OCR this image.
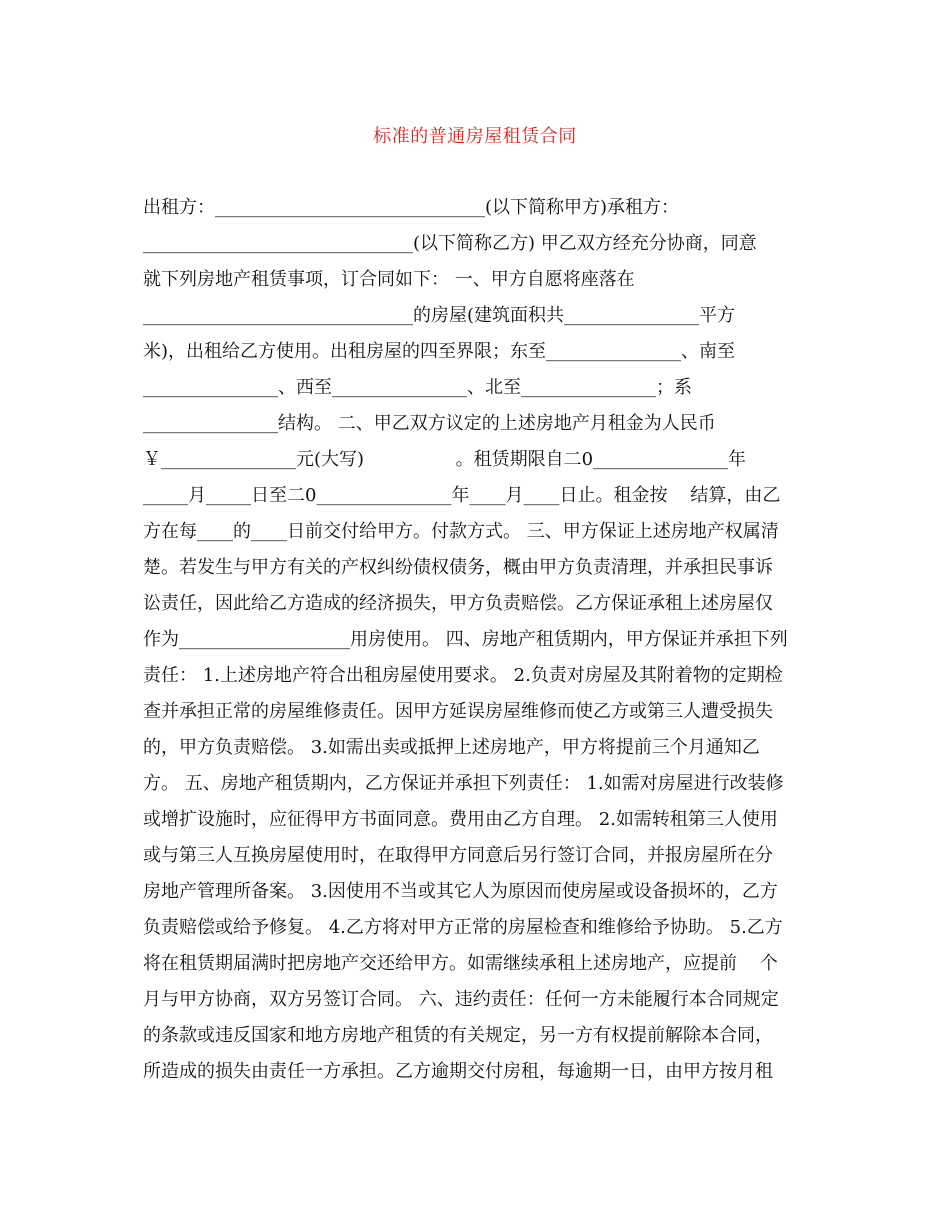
标准的普通房屋租赁合同
出租方：______________________________(以下简称甲方)承租方：
______________________________(以下简称乙方) 甲乙双方经充分协商，同意
就下列房地产租赁事项，订合同如下： 一、甲方自愿将座落在
______________________________的房屋(建筑面积共_______________平方
米)，出租给乙方使用。出租房屋的四至界限；东至_______________、南至
_______________、西至_______________、北至_______________；系
_______________结构。 二、甲乙双方议定的上述房地产月租金为人民币
￥_______________元(大写)                。租赁期限自二0_______________年
_____月_____日至二0_______________年____月____日止。租金按    结算，由乙
方在每____的____日前交付给甲方。付款方式。 三、甲方保证上述房地产权属清
楚。若发生与甲方有关的产权纠纷债权债务，概由甲方负责清理，并承担民事诉
讼责任，因此给乙方造成的经济损失，甲方负责赔偿。乙方保证承租上述房屋仅
作为___________________用房使用。 四、房地产租赁期内，甲方保证并承担下列
责任： 1.上述房地产符合出租房屋使用要求。 2.负责对房屋及其附着物的定期检
查并承担正常的房屋维修责任。因甲方延误房屋维修而使乙方或第三人遭受损失
的，甲方负责赔偿。 3.如需出卖或抵押上述房地产，甲方将提前三个月通知乙
方。 五、房地产租赁期内，乙方保证并承担下列责任： 1.如需对房屋进行改装修
或增扩设施时，应征得甲方书面同意。费用由乙方自理。 2.如需转租第三人使用
或与第三人互换房屋使用时，在取得甲方同意后另行签订合同，并报房屋所在分
房地产管理所备案。 3.因使用不当或其它人为原因而使房屋或设备损坏的，乙方
负责赔偿或给予修复。 4.乙方将对甲方正常的房屋检查和维修给予协助。 5.乙方
将在租赁期届满时把房地产交还给甲方。如需继续承租上述房地产，应提前    个
月与甲方协商，双方另签订合同。 六、违约责任：任何一方未能履行本合同规定
的条款或违反国家和地方房地产租赁的有关规定，另一方有权提前解除本合同，
所造成的损失由责任一方承担。乙方逾期交付房租，每逾期一日，由甲方按月租
